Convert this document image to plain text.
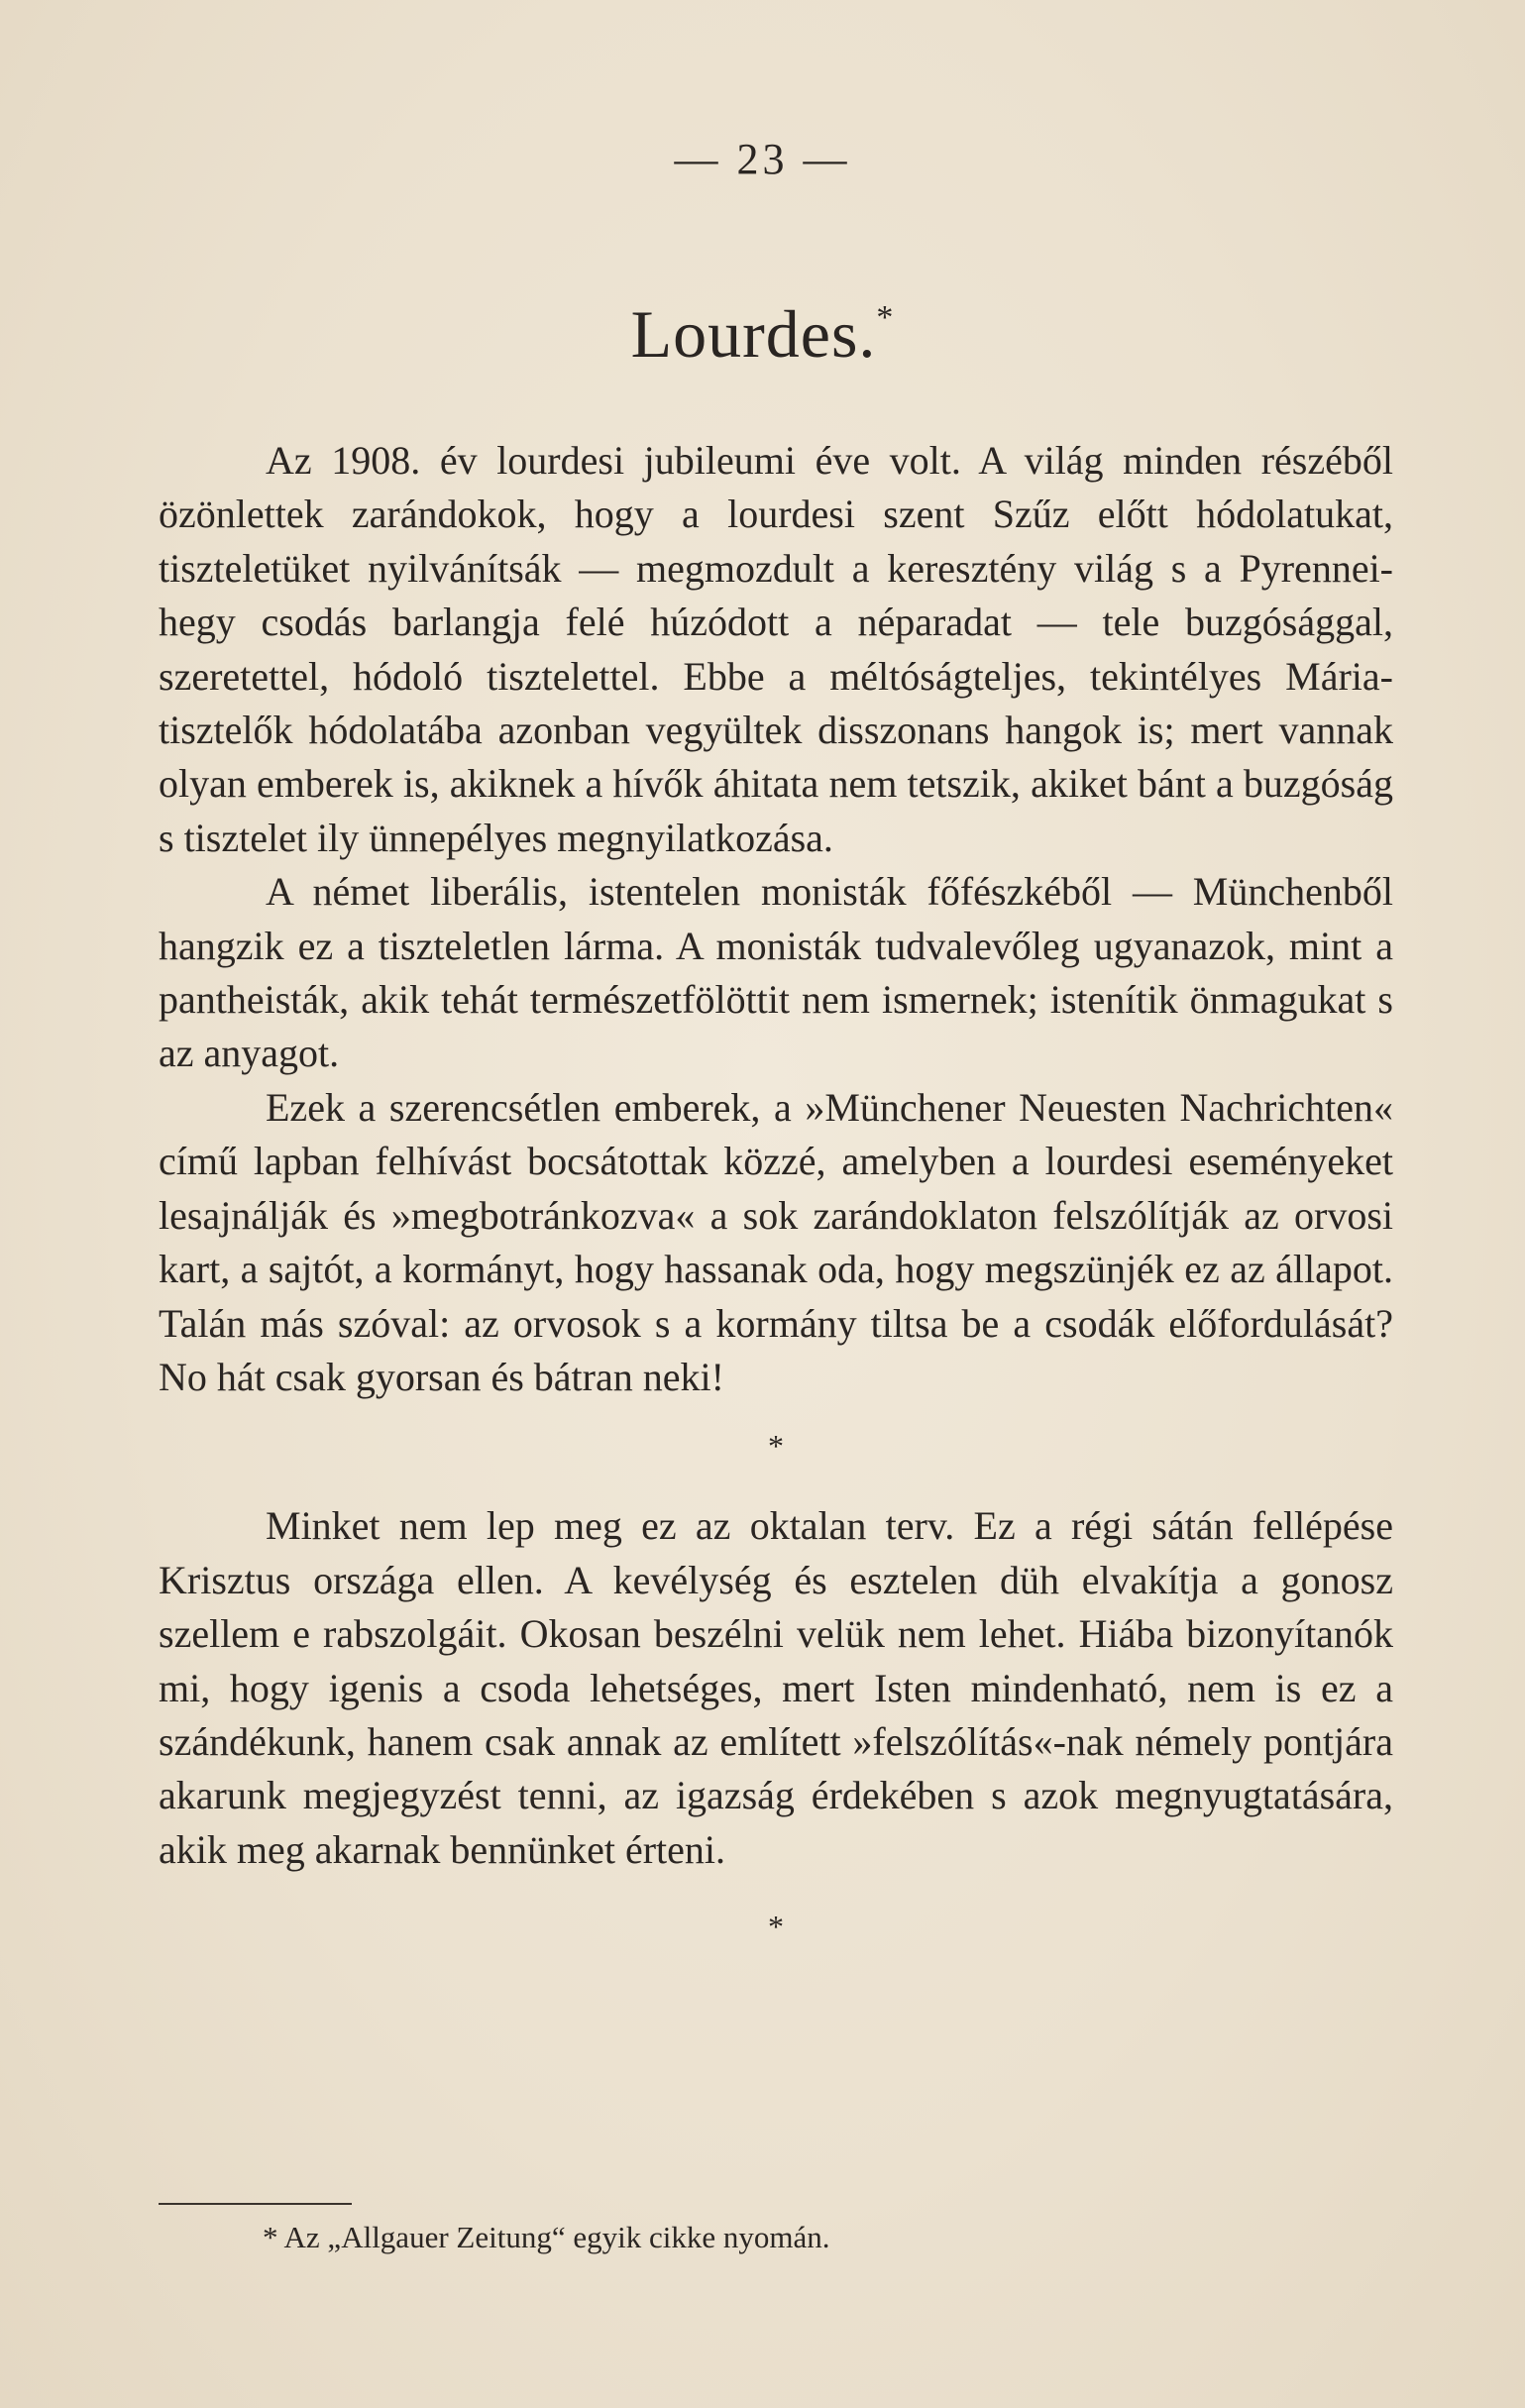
— 23 —
Lourdes.*

Az 1908. év lourdesi jubileumi éve volt. A világ minden részéből özönlettek zarándokok, hogy a lourdesi szent Szűz előtt hódolatukat, tiszteletüket nyilvánítsák — megmozdult a keresztény világ s a Pyrennei-hegy csodás barlangja felé húzódott a néparadat — tele buzgósággal, szeretettel, hódoló tisztelettel. Ebbe a méltóságteljes, tekintélyes Mária-tisztelők hódolatába azonban vegyültek disszonans hangok is; mert vannak olyan emberek is, akiknek a hívők áhitata nem tetszik, akiket bánt a buzgóság s tisztelet ily ünnepélyes megnyilatkozása.

A német liberális, istentelen monisták főfészkéből — Münchenből hangzik ez a tiszteletlen lárma. A monisták tudvalevőleg ugyanazok, mint a pantheisták, akik tehát természetfölöttit nem ismernek; istenítik önmagukat s az anyagot.

Ezek a szerencsétlen emberek, a »Münchener Neuesten Nachrichten« című lapban felhívást bocsátottak közzé, amelyben a lourdesi eseményeket lesajnálják és »megbotránkozva« a sok zarándoklaton felszólítják az orvosi kart, a sajtót, a kormányt, hogy hassanak oda, hogy megszünjék ez az állapot. Talán más szóval: az orvosok s a kormány tiltsa be a csodák előfordulását? No hát csak gyorsan és bátran neki!

*

Minket nem lep meg ez az oktalan terv. Ez a régi sátán fellépése Krisztus országa ellen. A kevélység és esztelen düh elvakítja a gonosz szellem e rabszolgáit. Okosan beszélni velük nem lehet. Hiába bizonyítanók mi, hogy igenis a csoda lehetséges, mert Isten mindenható, nem is ez a szándékunk, hanem csak annak az említett »felszólítás«-nak némely pontjára akarunk megjegyzést tenni, az igazság érdekében s azok megnyugtatására, akik meg akarnak bennünket érteni.

*
* Az „Allgauer Zeitung“ egyik cikke nyomán.
